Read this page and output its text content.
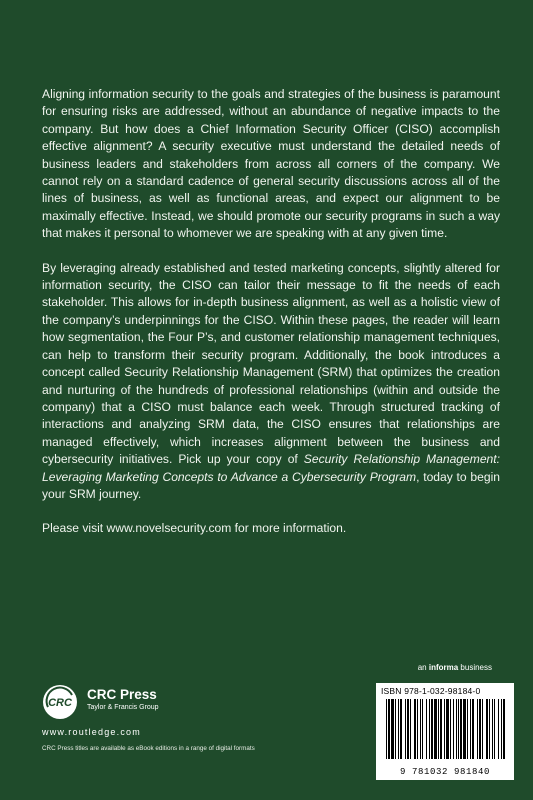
Aligning information security to the goals and strategies of the business is paramount for ensuring risks are addressed, without an abundance of negative impacts to the company. But how does a Chief Information Security Officer (CISO) accomplish effective alignment? A security executive must understand the detailed needs of business leaders and stakeholders from across all corners of the company. We cannot rely on a standard cadence of general security discussions across all of the lines of business, as well as functional areas, and expect our alignment to be maximally effective. Instead, we should promote our security programs in such a way that makes it personal to whomever we are speaking with at any given time.

By leveraging already established and tested marketing concepts, slightly altered for information security, the CISO can tailor their message to fit the needs of each stakeholder. This allows for in-depth business alignment, as well as a holistic view of the company’s underpinnings for the CISO. Within these pages, the reader will learn how segmentation, the Four P’s, and customer relationship management techniques, can help to transform their security program. Additionally, the book introduces a concept called Security Relationship Management (SRM) that optimizes the creation and nurturing of the hundreds of professional relationships (within and outside the company) that a CISO must balance each week. Through structured tracking of interactions and analyzing SRM data, the CISO ensures that relationships are managed effectively, which increases alignment between the business and cybersecurity initiatives. Pick up your copy of Security Relationship Management: Leveraging Marketing Concepts to Advance a Cybersecurity Program, today to begin your SRM journey.

Please visit www.novelsecurity.com for more information.

an informa business
ISBN 978-1-032-98184-0
9 781032 981840
CRC
CRC Press
Taylor & Francis Group
www.routledge.com
CRC Press titles are available as eBook editions in a range of digital formats
